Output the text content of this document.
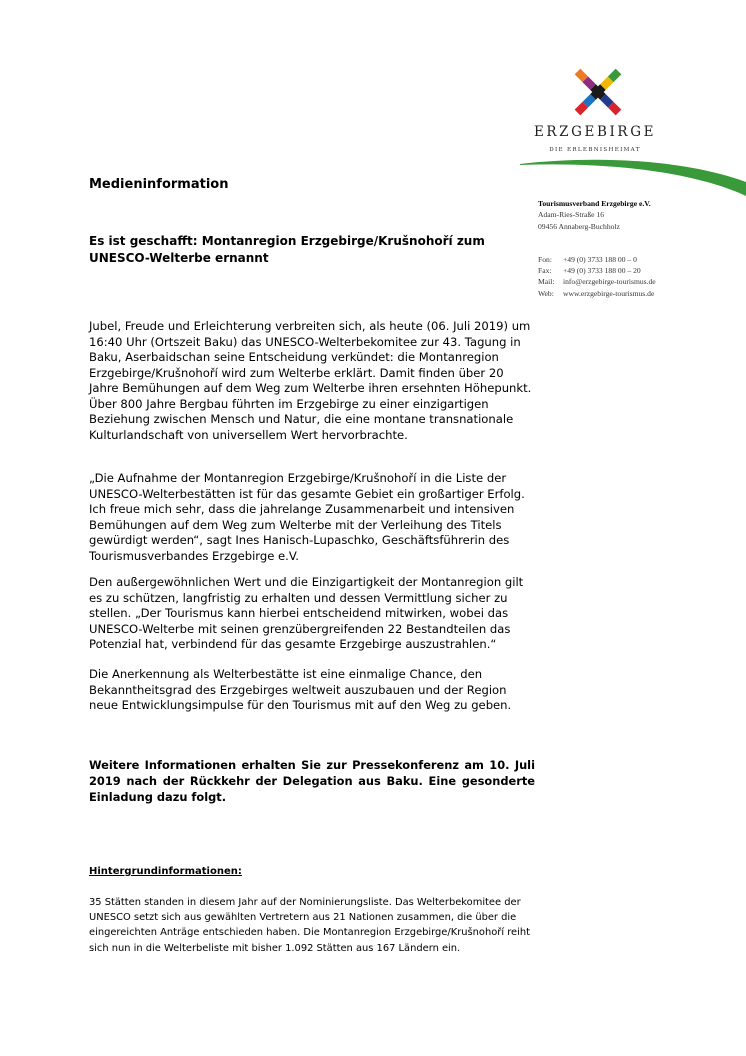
ERZGEBIRGE
DIE ERLEBNISHEIMAT
Tourismusverband Erzgebirge e.V.
Adam-Ries-Straße 16
09456 Annaberg-Buchholz
Fon:	+49 (0) 3733 188 00 – 0
Fax:	+49 (0) 3733 188 00 – 20
Mail:	info@erzgebirge-tourismus.de
Web:	www.erzgebirge-tourismus.de
Medieninformation
Es ist geschafft: Montanregion Erzgebirge/Krušnohoří zum UNESCO-Welterbe ernannt
Jubel, Freude und Erleichterung verbreiten sich, als heute (06. Juli 2019) um 16:40 Uhr (Ortszeit Baku) das UNESCO-Welterbekomitee zur 43. Tagung in Baku, Aserbaidschan seine Entscheidung verkündet: die Montanregion Erzgebirge/Krušnohoří wird zum Welterbe erklärt. Damit finden über 20 Jahre Bemühungen auf dem Weg zum Welterbe ihren ersehnten Höhepunkt. Über 800 Jahre Bergbau führten im Erzgebirge zu einer einzigartigen Beziehung zwischen Mensch und Natur, die eine montane transnationale Kulturlandschaft von universellem Wert hervorbrachte.
„Die Aufnahme der Montanregion Erzgebirge/Krušnohoří in die Liste der UNESCO-Welterbestätten ist für das gesamte Gebiet ein großartiger Erfolg. Ich freue mich sehr, dass die jahrelange Zusammenarbeit und intensiven Bemühungen auf dem Weg zum Welterbe mit der Verleihung des Titels gewürdigt werden“, sagt Ines Hanisch-Lupaschko, Geschäftsführerin des Tourismusverbandes Erzgebirge e.V.
Den außergewöhnlichen Wert und die Einzigartigkeit der Montanregion gilt es zu schützen, langfristig zu erhalten und dessen Vermittlung sicher zu stellen. „Der Tourismus kann hierbei entscheidend mitwirken, wobei das UNESCO-Welterbe mit seinen grenzübergreifenden 22 Bestandteilen das Potenzial hat, verbindend für das gesamte Erzgebirge auszustrahlen.“
Die Anerkennung als Welterbestätte ist eine einmalige Chance, den Bekanntheitsgrad des Erzgebirges weltweit auszubauen und der Region neue Entwicklungsimpulse für den Tourismus mit auf den Weg zu geben.
Weitere Informationen erhalten Sie zur Pressekonferenz am 10. Juli 2019 nach der Rückkehr der Delegation aus Baku. Eine gesonderte Einladung dazu folgt.
Hintergrundinformationen:
35 Stätten standen in diesem Jahr auf der Nominierungsliste. Das Welterbekomitee der UNESCO setzt sich aus gewählten Vertretern aus 21 Nationen zusammen, die über die eingereichten Anträge entschieden haben. Die Montanregion Erzgebirge/Krušnohoří reiht sich nun in die Welterbeliste mit bisher 1.092 Stätten aus 167 Ländern ein.
